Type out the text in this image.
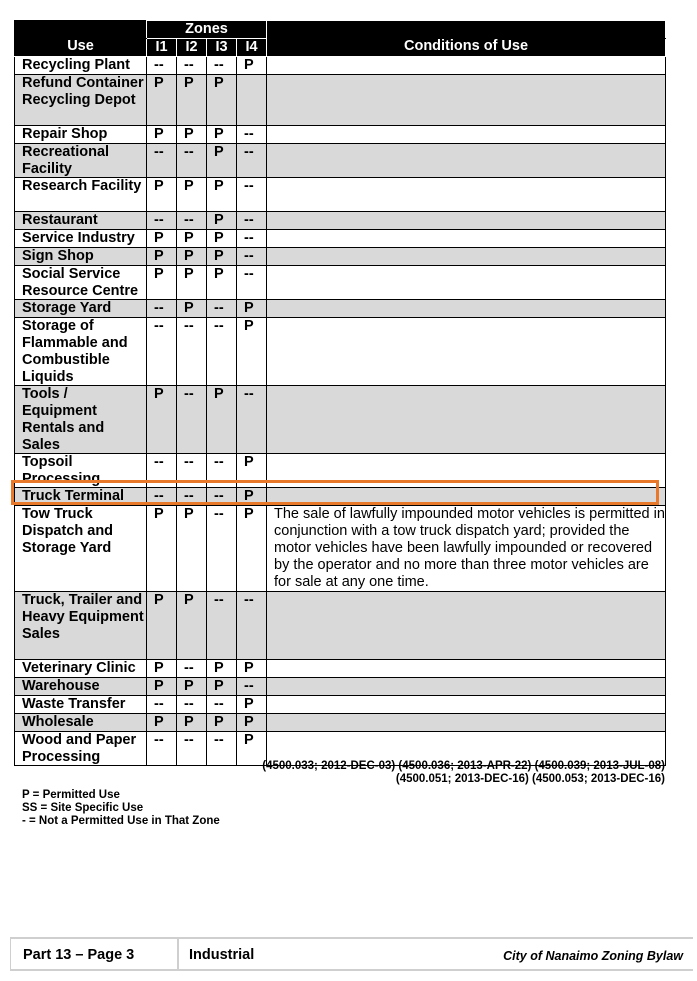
	Zones				
Use	I1	I2	I3	I4	Conditions of Use

Recycling Plant	--	--	--	P	

Refund Container Recycling Depot	P	P	P		

Repair Shop	P	P	P	--	

Recreational Facility	--	--	P	--	

Research Facility	P	P	P	--	

Restaurant	--	--	P	--	

Service Industry	P	P	P	--	

Sign Shop	P	P	P	--	

Social Service Resource Centre	P	P	P	--	

Storage Yard	--	P	--	P	

Storage of Flammable and Combustible Liquids	--	--	--	P	

Tools / Equipment Rentals and Sales	P	--	P	--	

Topsoil Processing	--	--	--	P	

Truck Terminal	--	--	--	P	

Tow Truck Dispatch and Storage Yard	P	P	--	P	The sale of lawfully impounded motor vehicles is permitted in conjunction with a tow truck dispatch yard; provided the motor vehicles have been lawfully impounded or recovered by the operator and no more than three motor vehicles are for sale at any one time.

Truck, Trailer and Heavy Equipment Sales	P	P	--	--	

Veterinary Clinic	P	--	P	P	

Warehouse	P	P	P	--	

Waste Transfer	--	--	--	P	

Wholesale	P	P	P	P	

Wood and Paper Processing	--	--	--	P	
(4500.033; 2012-DEC-03) (4500.036; 2013-APR-22) (4500.039; 2013-JUL-08)
(4500.051; 2013-DEC-16) (4500.053; 2013-DEC-16)
P = Permitted Use
SS = Site Specific Use
- = Not a Permitted Use in That Zone
Part 13 – Page 3	Industrial	City of Nanaimo Zoning Bylaw
